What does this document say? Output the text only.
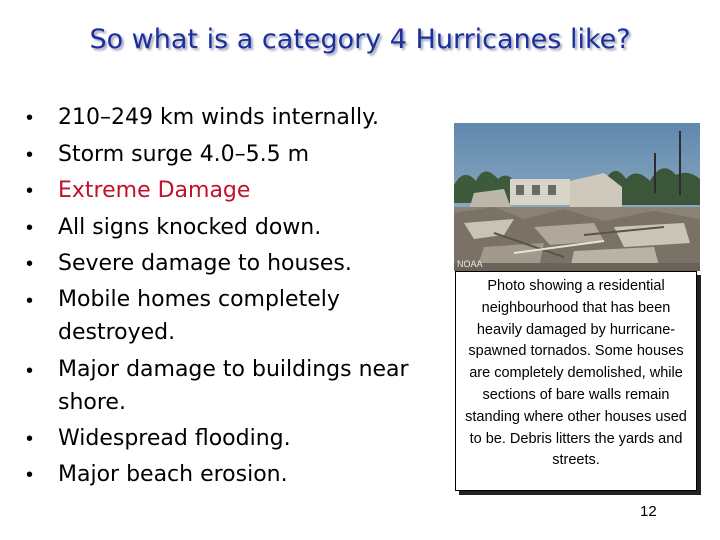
So what is a category 4 Hurricanes like?
• 210–249 km winds internally.
• Storm surge 4.0–5.5 m
• Extreme Damage
• All signs knocked down.
• Severe damage to houses.
• Mobile homes completely destroyed.
• Major damage to buildings near shore.
• Widespread flooding.
• Major beach erosion.
NOAA
Photo showing a residential neighbourhood that has been heavily damaged by hurricane-spawned tornados. Some houses are completely demolished, while sections of bare walls remain standing where other houses used to be. Debris litters the yards and streets.
12
